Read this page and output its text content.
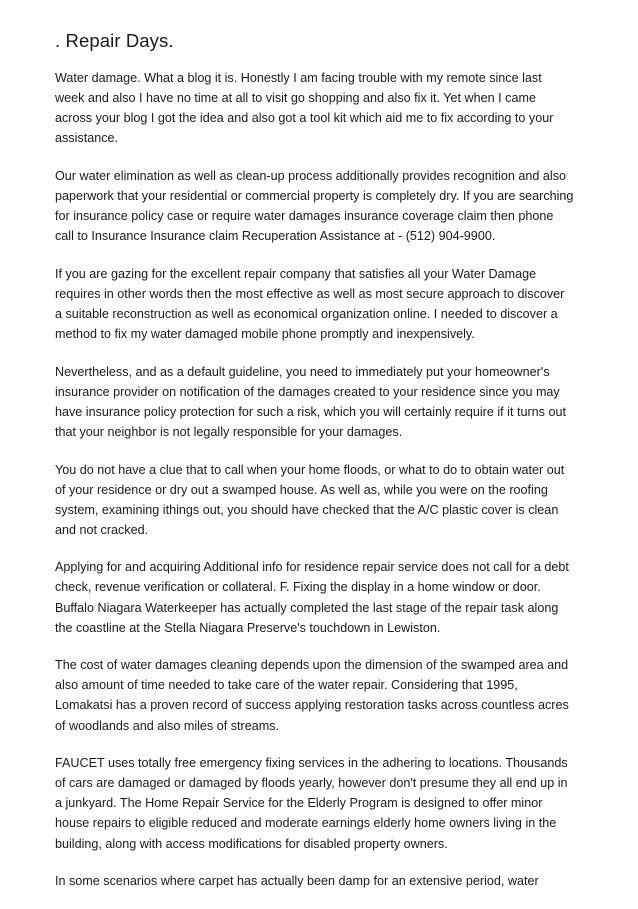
. Repair Days.

Water damage. What a blog it is. Honestly I am facing trouble with my remote since last
week and also I have no time at all to visit go shopping and also fix it. Yet when I came
across your blog I got the idea and also got a tool kit which aid me to fix according to your
assistance.

Our water elimination as well as clean-up process additionally provides recognition and also
paperwork that your residential or commercial property is completely dry. If you are searching
for insurance policy case or require water damages insurance coverage claim then phone
call to Insurance Insurance claim Recuperation Assistance at - (512) 904-9900.

If you are gazing for the excellent repair company that satisfies all your Water Damage
requires in other words then the most effective as well as most secure approach to discover
a suitable reconstruction as well as economical organization online. I needed to discover a
method to fix my water damaged mobile phone promptly and inexpensively.

Nevertheless, and as a default guideline, you need to immediately put your homeowner's
insurance provider on notification of the damages created to your residence since you may
have insurance policy protection for such a risk, which you will certainly require if it turns out
that your neighbor is not legally responsible for your damages.

You do not have a clue that to call when your home floods, or what to do to obtain water out
of your residence or dry out a swamped house. As well as, while you were on the roofing
system, examining ithings out, you should have checked that the A/C plastic cover is clean
and not cracked.

Applying for and acquiring Additional info for residence repair service does not call for a debt
check, revenue verification or collateral. F. Fixing the display in a home window or door.
Buffalo Niagara Waterkeeper has actually completed the last stage of the repair task along
the coastline at the Stella Niagara Preserve's touchdown in Lewiston.

The cost of water damages cleaning depends upon the dimension of the swamped area and
also amount of time needed to take care of the water repair. Considering that 1995,
Lomakatsi has a proven record of success applying restoration tasks across countless acres
of woodlands and also miles of streams.

FAUCET uses totally free emergency fixing services in the adhering to locations. Thousands
of cars are damaged or damaged by floods yearly, however don't presume they all end up in
a junkyard. The Home Repair Service for the Elderly Program is designed to offer minor
house repairs to eligible reduced and moderate earnings elderly home owners living in the
building, along with access modifications for disabled property owners.

In some scenarios where carpet has actually been damp for an extensive period, water
